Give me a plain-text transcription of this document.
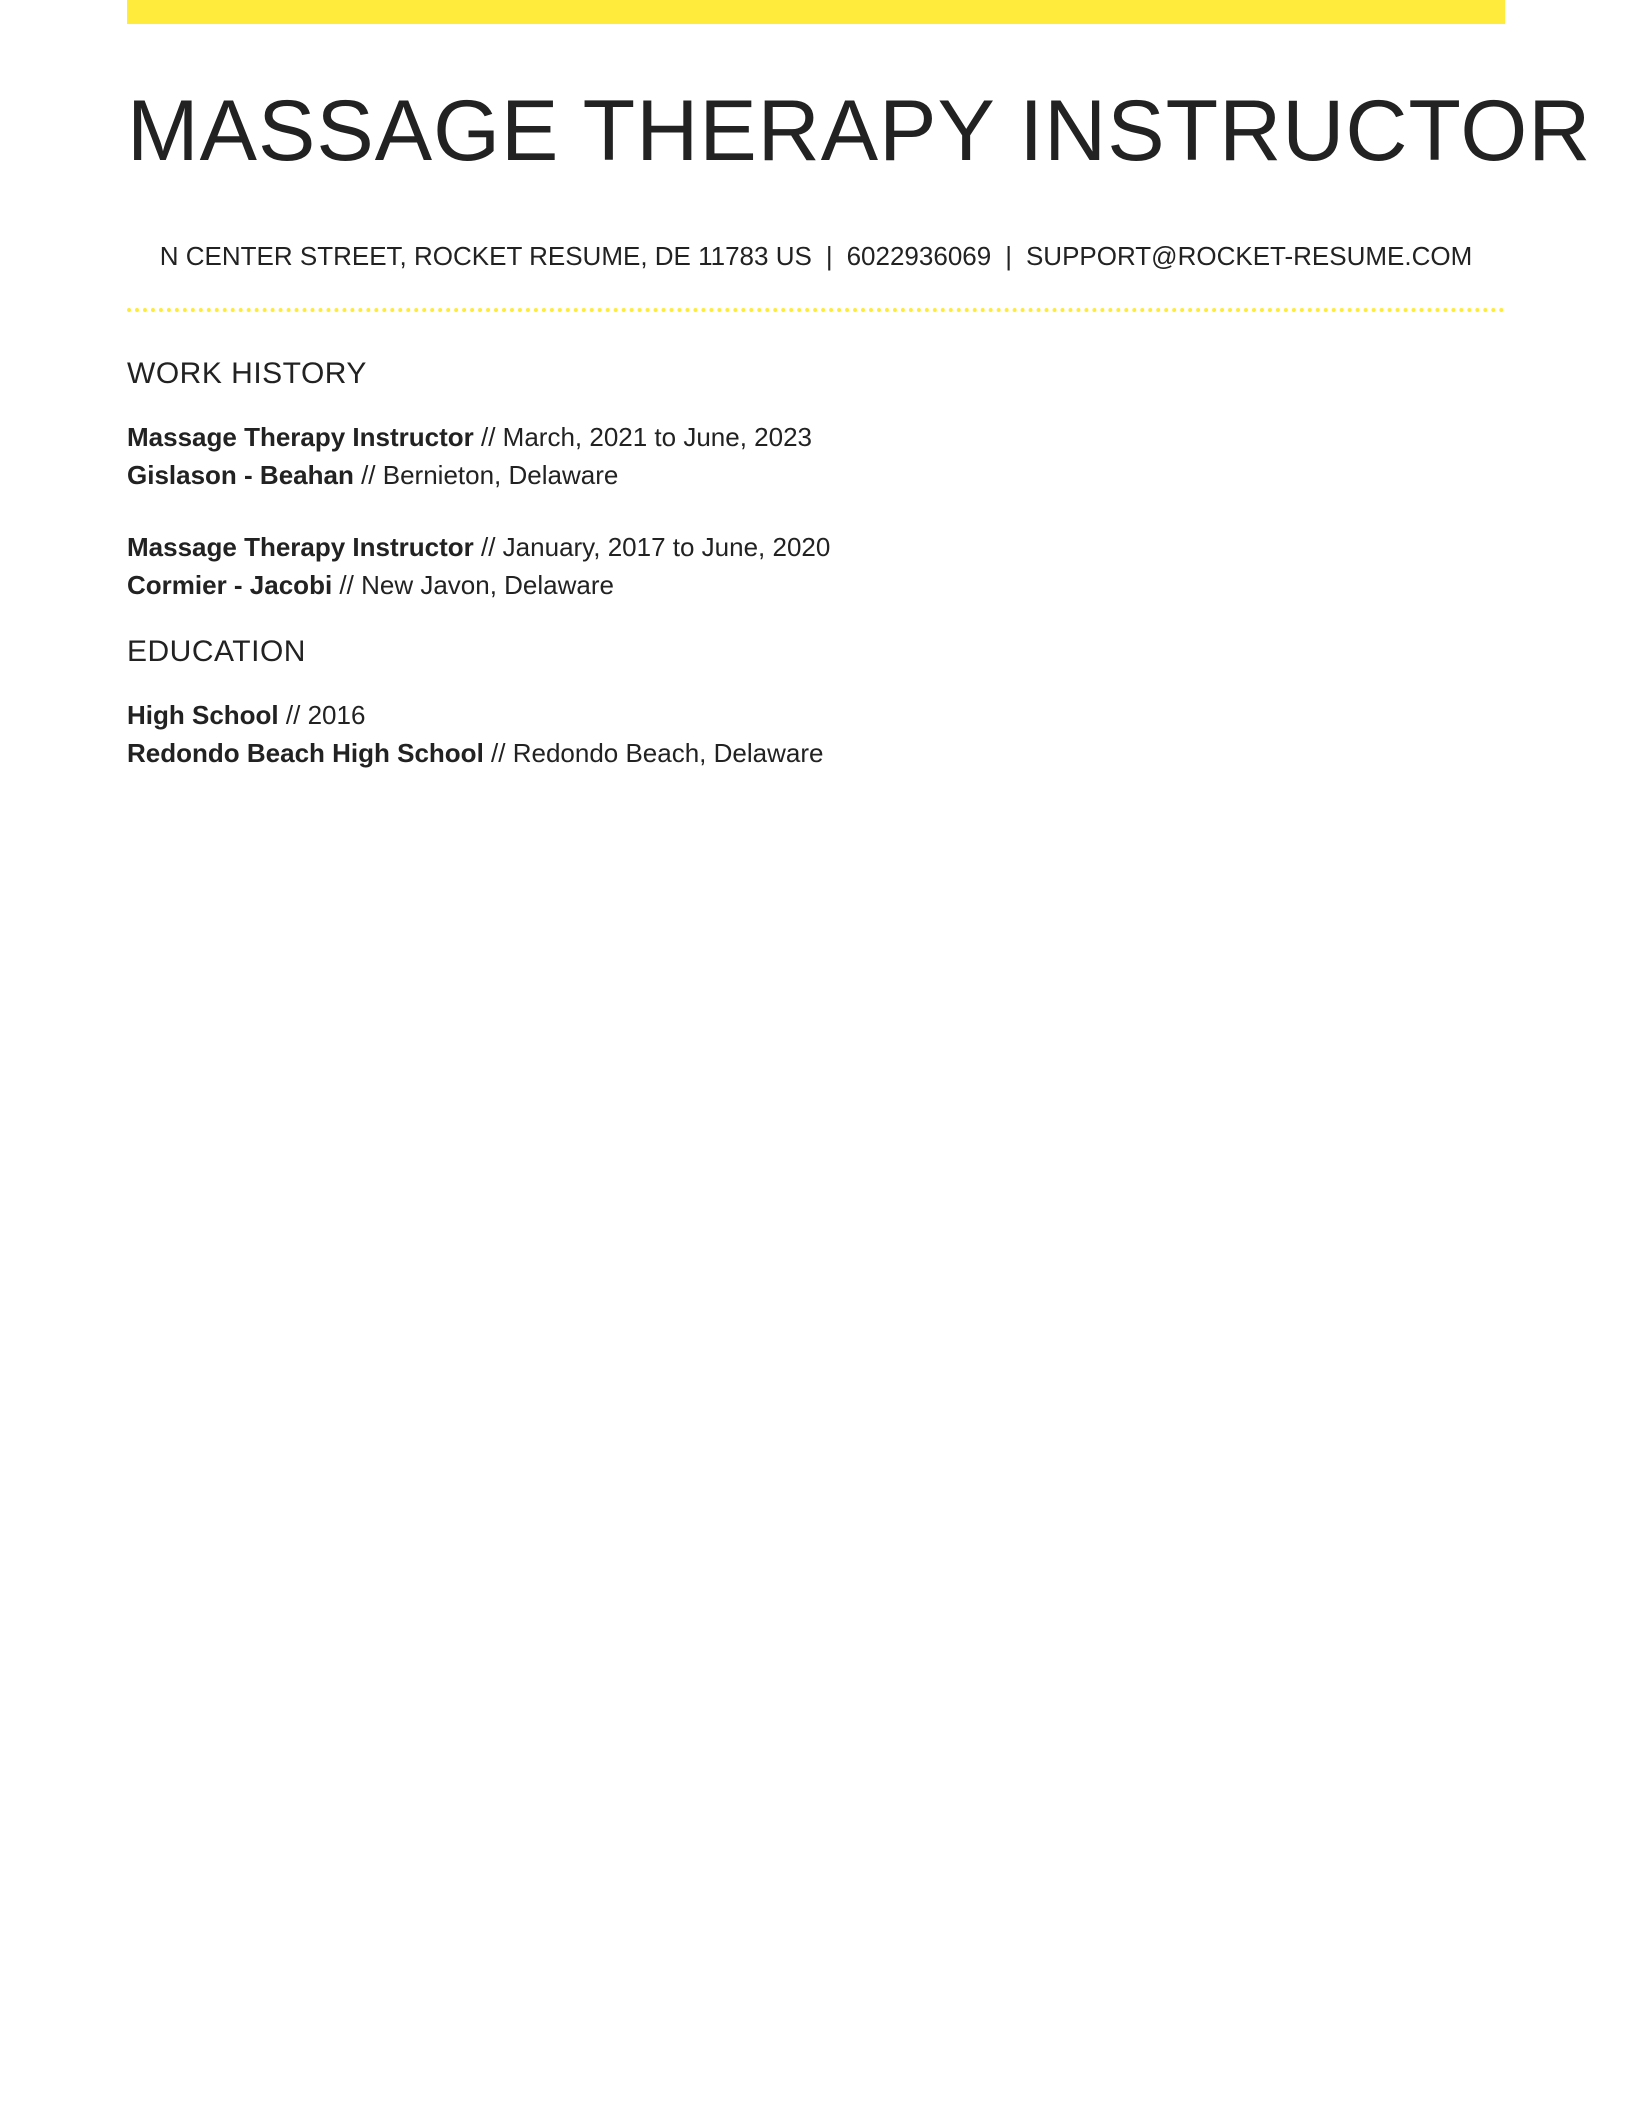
MASSAGE THERAPY INSTRUCTOR
N CENTER STREET, ROCKET RESUME, DE 11783 US | 6022936069 | SUPPORT@ROCKET-RESUME.COM
WORK HISTORY
Massage Therapy Instructor // March, 2021 to June, 2023
Gislason - Beahan // Bernieton, Delaware
Massage Therapy Instructor // January, 2017 to June, 2020
Cormier - Jacobi // New Javon, Delaware
EDUCATION
High School // 2016
Redondo Beach High School // Redondo Beach, Delaware
